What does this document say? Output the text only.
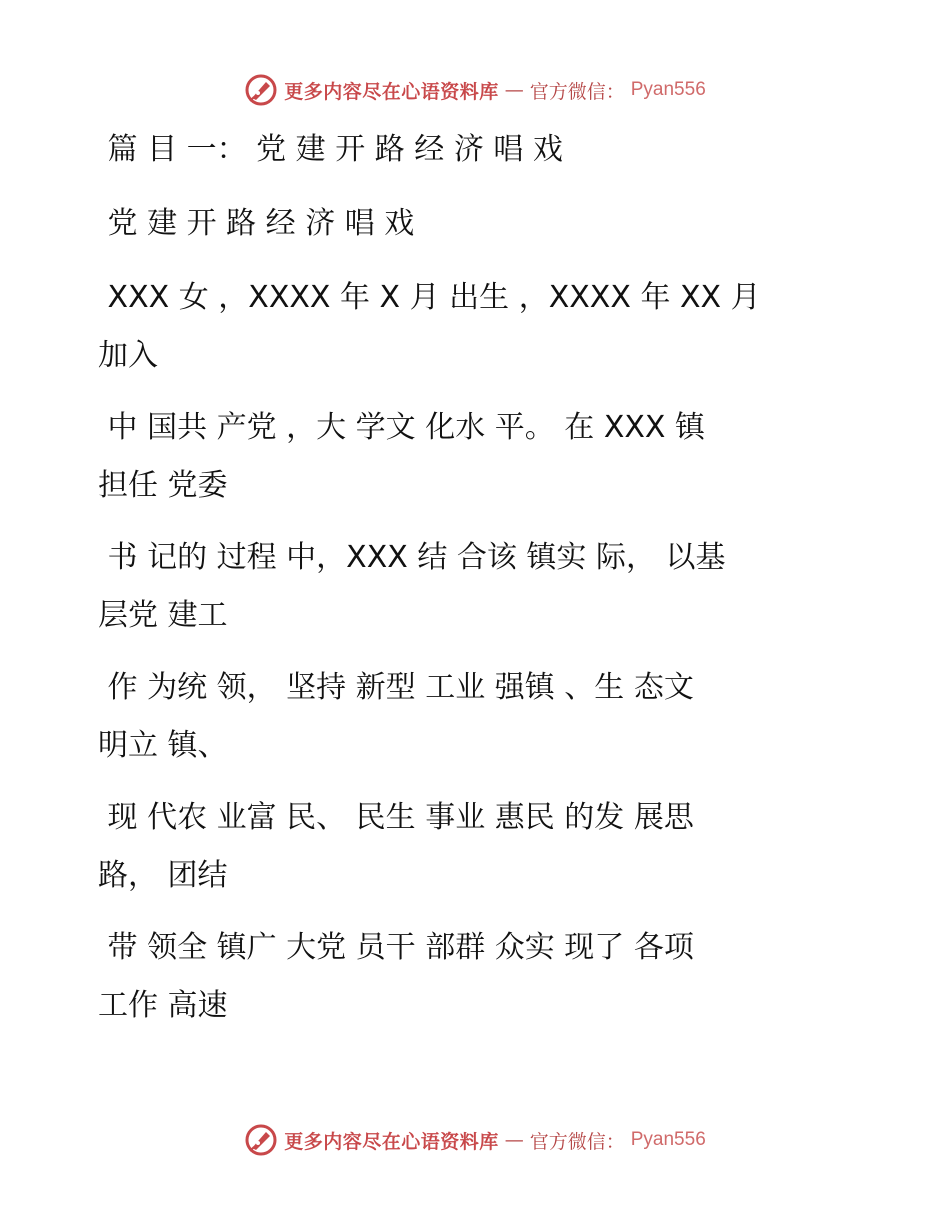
更多内容尽在心语资料库 — 官方微信： Pyan556
篇 目 一： 党 建 开 路 经 济 唱 戏
党 建 开 路 经 济 唱 戏
XXX 女 ，XXXX 年 X 月 出生 ，XXXX 年 XX 月
加入
中 国共 产党 ，大 学文 化水 平。 在 XXX 镇
担任 党委
书 记的 过程 中，XXX 结 合该 镇实 际， 以基
层党 建工
作 为统 领， 坚持 新型 工业 强镇 、生 态文
明立 镇、
现 代农 业富 民、 民生 事业 惠民 的发 展思
路， 团结
带 领全 镇广 大党 员干 部群 众实 现了 各项
工作 高速
更多内容尽在心语资料库 — 官方微信： Pyan556
